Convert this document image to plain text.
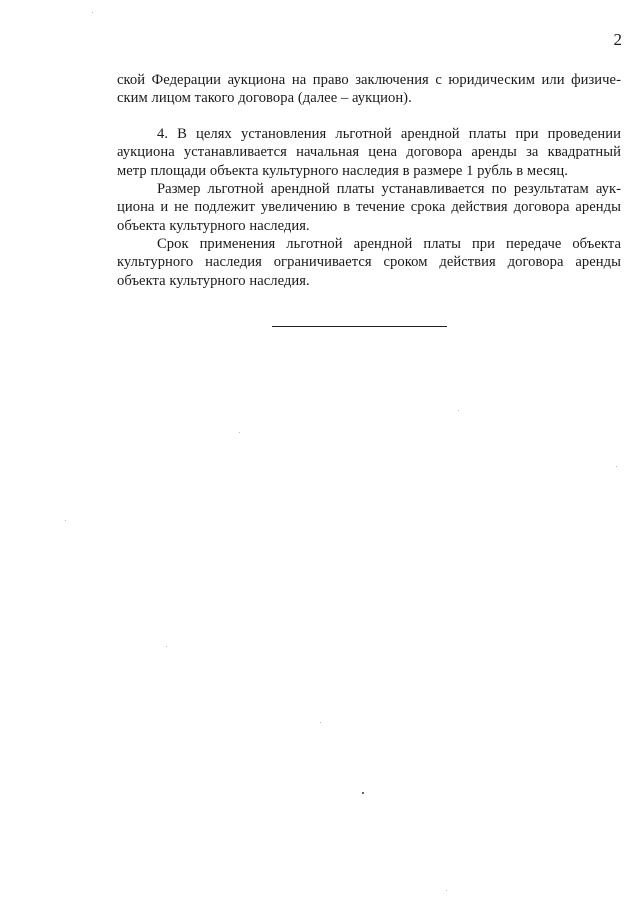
2

ской Федерации аукциона на право заключения с юридическим или физиче-
ским лицом такого договора (далее – аукцион).

4. В целях установления льготной арендной платы при проведении
аукциона устанавливается начальная цена договора аренды за квадратный
метр площади объекта культурного наследия в размере 1 рубль в месяц.

Размер льготной арендной платы устанавливается по результатам аук-
циона и не подлежит увеличению в течение срока действия договора аренды
объекта культурного наследия.

Срок применения льготной арендной платы при передаче объекта
культурного наследия ограничивается сроком действия договора аренды
объекта культурного наследия.
